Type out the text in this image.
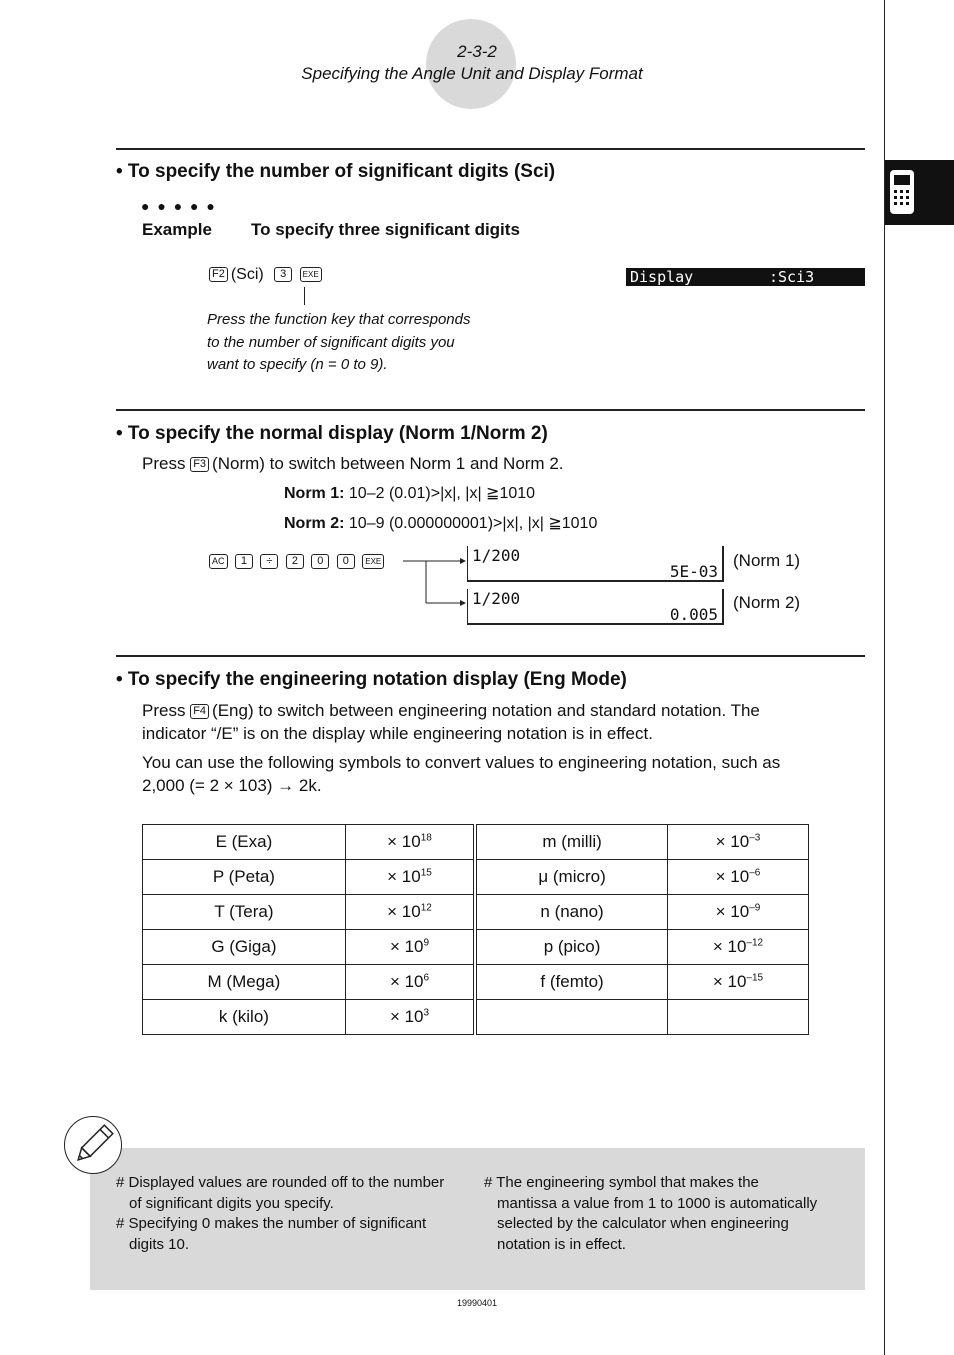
2-3-2
Specifying the Angle Unit and Display Format
• To specify the number of significant digits (Sci)
● ● ● ● ●
Example To specify three significant digits
F2 (Sci) 3 EXE
Press the function key that corresponds
to the number of significant digits you
want to specify (n = 0 to 9).
Display	:Sci3
• To specify the normal display (Norm 1/Norm 2)
Press F3 (Norm) to switch between Norm 1 and Norm 2.
Norm 1: 10–2 (0.01)>|x|, |x| ≧1010
Norm 2: 10–9 (0.000000001)>|x|, |x| ≧1010
AC 1 ÷ 2 0 0 EXE	1/200
5E-03
(Norm 1)
1/200
0.005
(Norm 2)
• To specify the engineering notation display (Eng Mode)
Press F4 (Eng) to switch between engineering notation and standard notation. The
indicator “/E” is on the display while engineering notation is in effect.
You can use the following symbols to convert values to engineering notation, such as
2,000 (= 2 × 103) → 2k.
E (Exa)	× $10^{18}$	m (milli)	× $10^{-3}$
P (Peta)	× $10^{15}$	μ (micro)	× $10^{-6}$
T (Tera)	× $10^{12}$	n (nano)	× $10^{-9}$
G (Giga)	× $10^9$	p (pico)	× $10^{-12}$
M (Mega)	× $10^6$	f (femto)	× $10^{-15}$
k (kilo)	× $10^3$		
# Displayed values are rounded off to the number
of significant digits you specify.
# Specifying 0 makes the number of significant
digits 10.
# The engineering symbol that makes the
mantissa a value from 1 to 1000 is automatically
selected by the calculator when engineering
notation is in effect.
19990401
